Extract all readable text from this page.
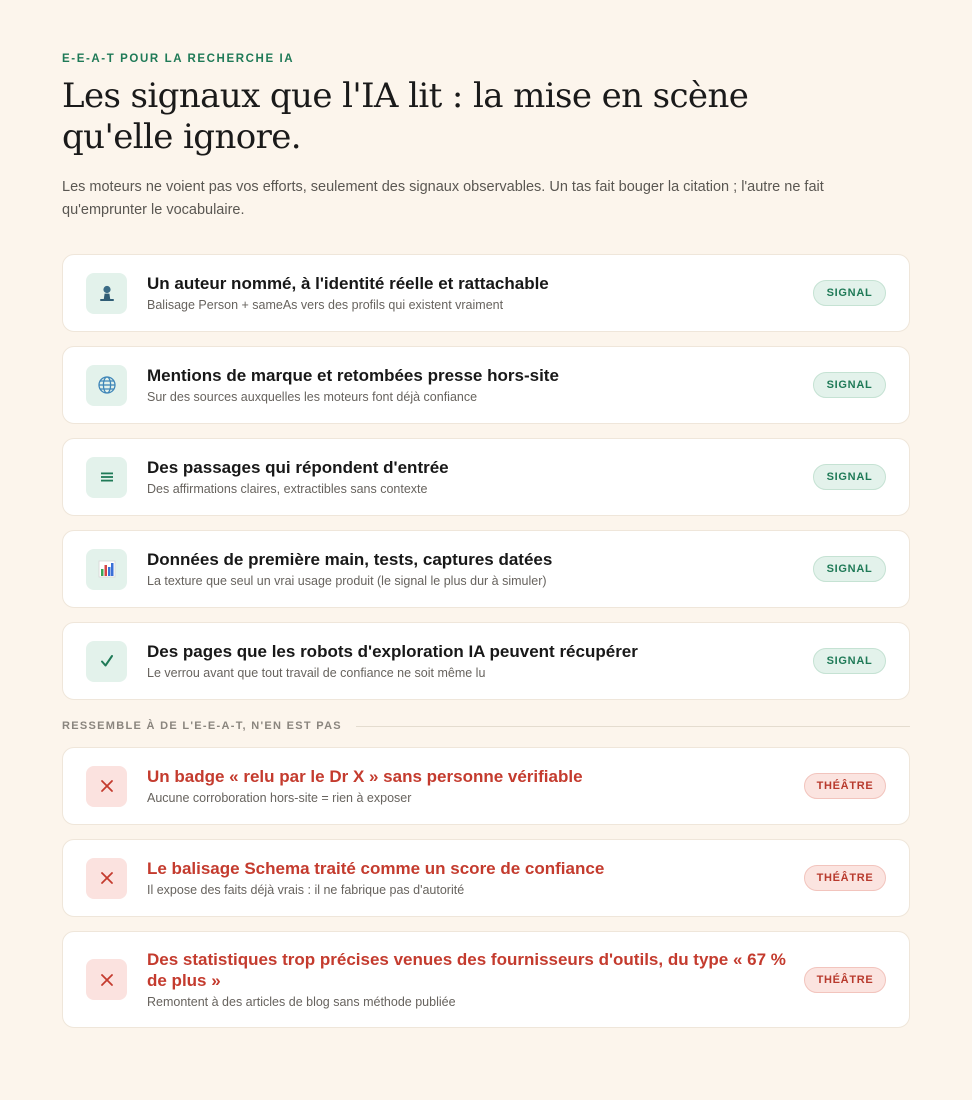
E-E-A-T POUR LA RECHERCHE IA
Les signaux que l'IA lit : la mise en scène qu'elle ignore.

Les moteurs ne voient pas vos efforts, seulement des signaux observables. Un tas fait bouger la citation ; l'autre ne fait qu'emprunter le vocabulaire.

Un auteur nommé, à l'identité réelle et rattachable
Balisage Person + sameAs vers des profils qui existent vraiment
SIGNAL
Mentions de marque et retombées presse hors-site
Sur des sources auxquelles les moteurs font déjà confiance
SIGNAL
Des passages qui répondent d'entrée
Des affirmations claires, extractibles sans contexte
SIGNAL
Données de première main, tests, captures datées
La texture que seul un vrai usage produit (le signal le plus dur à simuler)
SIGNAL
Des pages que les robots d'exploration IA peuvent récupérer
Le verrou avant que tout travail de confiance ne soit même lu
SIGNAL
RESSEMBLE À DE L'E-E-A-T, N'EN EST PAS
Un badge « relu par le Dr X » sans personne vérifiable
Aucune corroboration hors-site = rien à exposer
THÉÂTRE
Le balisage Schema traité comme un score de confiance
Il expose des faits déjà vrais : il ne fabrique pas d'autorité
THÉÂTRE
Des statistiques trop précises venues des fournisseurs d'outils, du type « 67 % de plus »
Remontent à des articles de blog sans méthode publiée
THÉÂTRE
